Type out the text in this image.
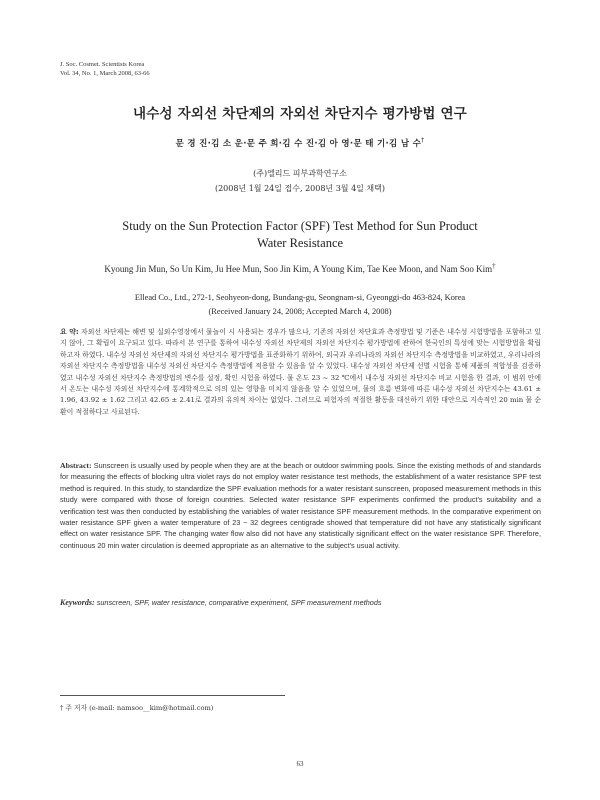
J. Soc. Cosmet. Scientists Korea
Vol. 34, No. 1, March 2008, 63-66
내수성 자외선 차단제의 자외선 차단지수 평가방법 연구
문 경 진·김 소 운·문 주 희·김 수 진·김 아 영·문 태 기·김 남 수†
(주)엘리드 피부과학연구소
(2008년 1월 24일 접수, 2008년 3월 4일 채택)
Study on the Sun Protection Factor (SPF) Test Method for Sun Product
Water Resistance
Kyoung Jin Mun, So Un Kim, Ju Hee Mun, Soo Jin Kim, A Young Kim, Tae Kee Moon, and Nam Soo Kim†
Ellead Co., Ltd., 272-1, Seohyeon-dong, Bundang-gu, Seongnam-si, Gyeonggi-do 463-824, Korea
(Received January 24, 2008; Accepted March 4, 2008)
요 약: 자외선 차단제는 해변 및 실외수영장에서 물놀이 시 사용되는 경우가 많으나, 기존의 자외선 차단효과 측정방법 및 기준은 내수성 시험방법을 포함하고 있지 않아, 그 확립이 요구되고 있다. 따라서 본 연구를 통하여 내수성 자외선 차단제의 자외선 차단지수 평가방법에 관하여 한국인의 특성에 맞는 시험방법을 확립하고자 하였다. 내수성 자외선 차단제의 자외선 차단지수 평가방법을 표준화하기 위하여, 외국과 우리나라의 자외선 차단지수 측정방법을 비교하였고, 우리나라의 자외선 차단지수 측정방법을 내수성 자외선 차단지수 측정방법에 적용할 수 있음을 알 수 있었다. 내수성 자외선 차단제 선별 시험을 통해 제품의 적합성을 검증하였고 내수성 자외선 차단지수 측정방법의 변수를 설정, 확인 시험을 하였다. 물 온도 23 ~ 32 ℃에서 내수성 자외선 차단지수 비교 시험을 한 결과, 이 범위 안에서 온도는 내수성 자외선 차단지수에 통계학적으로 의의 있는 영향을 미치지 않음을 알 수 있었으며, 물의 흐름 변화에 따른 내수성 자외선 차단지수는 43.61 ± 1.96, 43.92 ± 1.62 그리고 42.65 ± 2.41로 결과의 유의적 차이는 없었다. 그러므로 피험자의 적절한 활동을 대신하기 위한 대안으로 지속적인 20 min 물 순환이 적절하다고 사료된다.
Abstract: Sunscreen is usually used by people when they are at the beach or outdoor swimming pools. Since the existing methods of and standards for measuring the effects of blocking ultra violet rays do not employ water resistance test methods, the establishment of a water resistance SPF test method is required. In this study, to standardize the SPF evaluation methods for a water resistant sunscreen, proposed measurement methods in this study were compared with those of foreign countries. Selected water resistance SPF experiments confirmed the product's suitability and a verification test was then conducted by establishing the variables of water resistance SPF measurement methods. In the comparative experiment on water resistance SPF given a water temperature of 23 ~ 32 degrees centigrade showed that temperature did not have any statistically significant effect on water resistance SPF. The changing water flow also did not have any statistically significant effect on the water resistance SPF. Therefore, continuous 20 min water circulation is deemed appropriate as an alternative to the subject's usual activity.
Keywords: sunscreen, SPF, water resistance, comparative experiment, SPF measurement methods
† 주 저자 (e-mail: namsoo__kim@hotmail.com)
63
